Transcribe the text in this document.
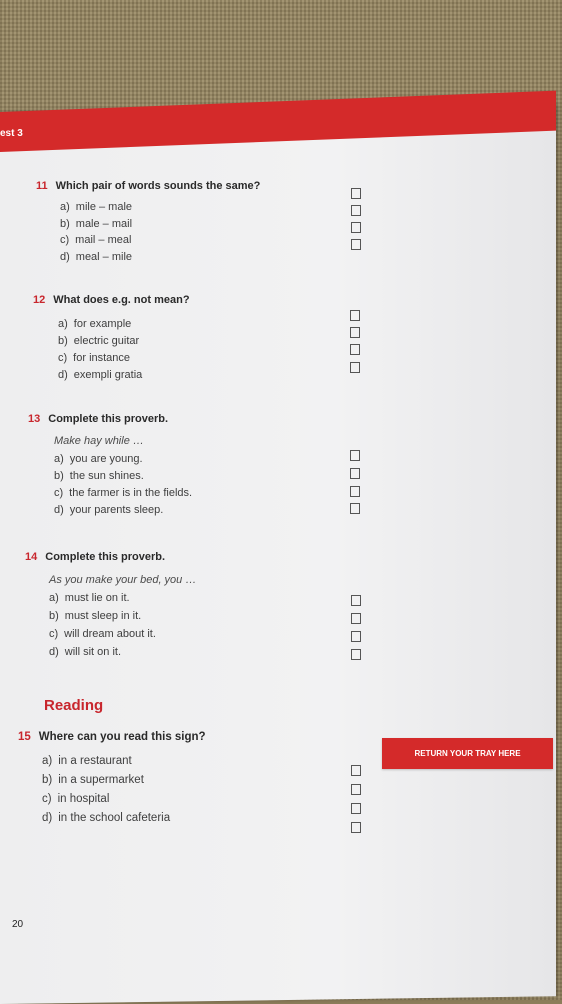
est 3
11 Which pair of words sounds the same?
a) mile – male
b) male – mail
c) mail – meal
d) meal – mile
12 What does e.g. not mean?
a) for example
b) electric guitar
c) for instance
d) exempli gratia
13 Complete this proverb.
Make hay while …
a) you are young.
b) the sun shines.
c) the farmer is in the fields.
d) your parents sleep.
14 Complete this proverb.
As you make your bed, you …
a) must lie on it.
b) must sleep in it.
c) will dream about it.
d) will sit on it.
Reading
15 Where can you read this sign?
a) in a restaurant
b) in a supermarket
c) in hospital
d) in the school cafeteria
RETURN YOUR TRAY HERE
20
